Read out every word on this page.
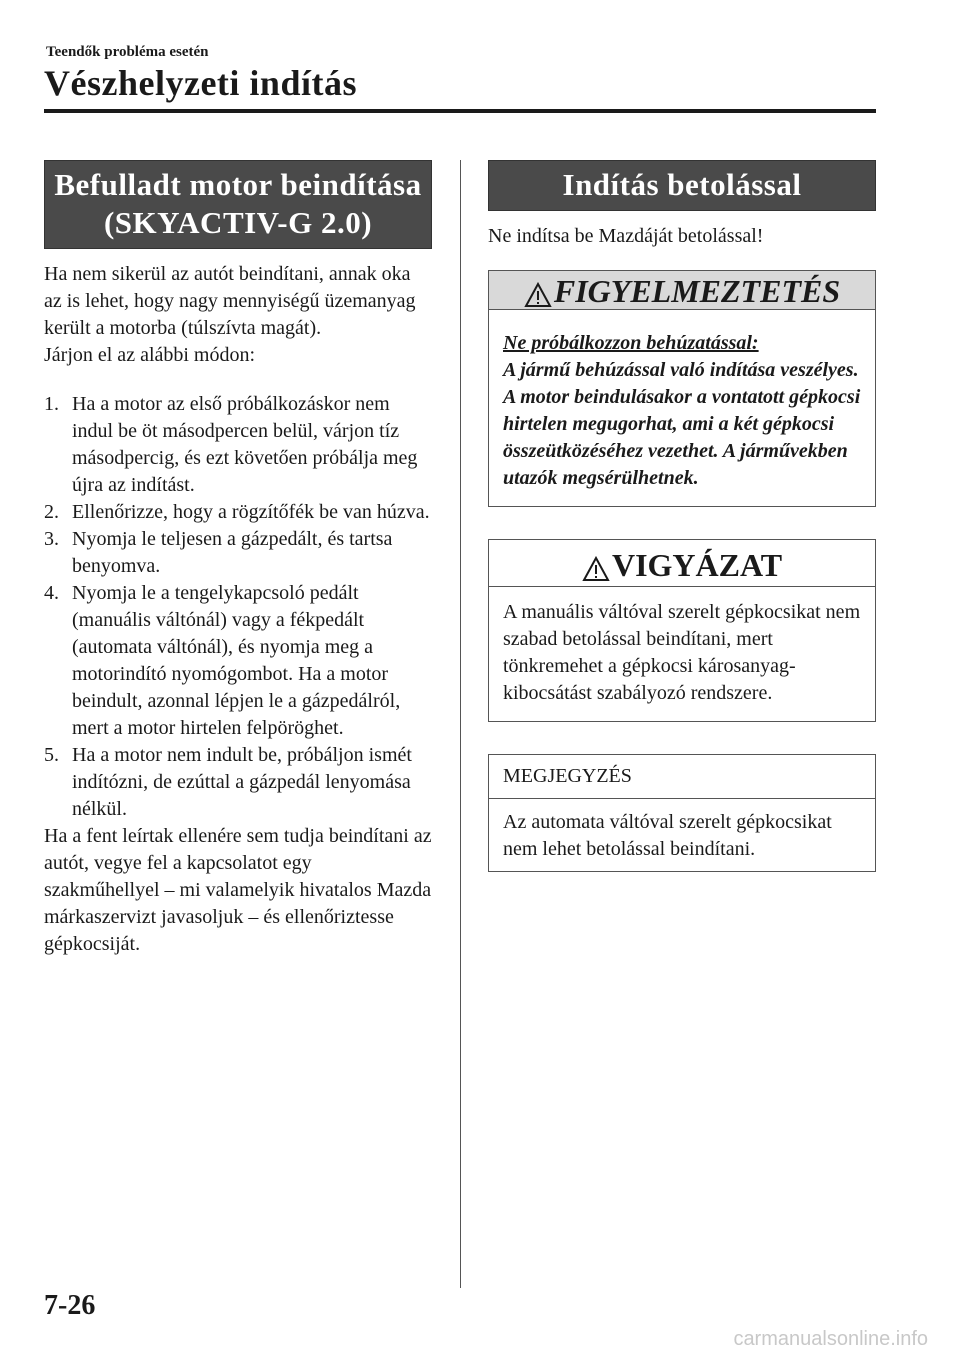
Teendők probléma esetén
Vészhelyzeti indítás
Befulladt motor beindítása
(SKYACTIV-G 2.0)

Ha nem sikerül az autót beindítani, annak oka az is lehet, hogy nagy mennyiségű üzemanyag került a motorba (túlszívta magát).

Járjon el az alábbi módon:

1. Ha a motor az első próbálkozáskor nem indul be öt másodpercen belül, várjon tíz másodpercig, és ezt követően próbálja meg újra az indítást.
2. Ellenőrizze, hogy a rögzítőfék be van húzva.
3. Nyomja le teljesen a gázpedált, és tartsa benyomva.
4. Nyomja le a tengelykapcsoló pedált (manuális váltónál) vagy a fékpedált (automata váltónál), és nyomja meg a motorindító nyomógombot. Ha a motor beindult, azonnal lépjen le a gázpedálról, mert a motor hirtelen felpöröghet.
5. Ha a motor nem indult be, próbáljon ismét indítózni, de ezúttal a gázpedál lenyomása nélkül.

Ha a fent leírtak ellenére sem tudja beindítani az autót, vegye fel a kapcsolatot egy szakműhellyel – mi valamelyik hivatalos Mazda márkaszervizt javasoljuk – és ellenőriztesse gépkocsiját.

Indítás betolással

Ne indítsa be Mazdáját betolással!

FIGYELMEZTETÉS
Ne próbálkozzon behúzatással:
A jármű behúzással való indítása veszélyes. A motor beindulásakor a vontatott gépkocsi hirtelen megugorhat, ami a két gépkocsi összeütközéséhez vezethet. A járművekben utazók megsérülhetnek.
VIGYÁZAT
A manuális váltóval szerelt gépkocsikat nem szabad betolással beindítani, mert tönkremehet a gépkocsi károsanyag-kibocsátást szabályozó rendszere.
MEGJEGYZÉS
Az automata váltóval szerelt gépkocsikat nem lehet betolással beindítani.
7-26
carmanualsonline.info
